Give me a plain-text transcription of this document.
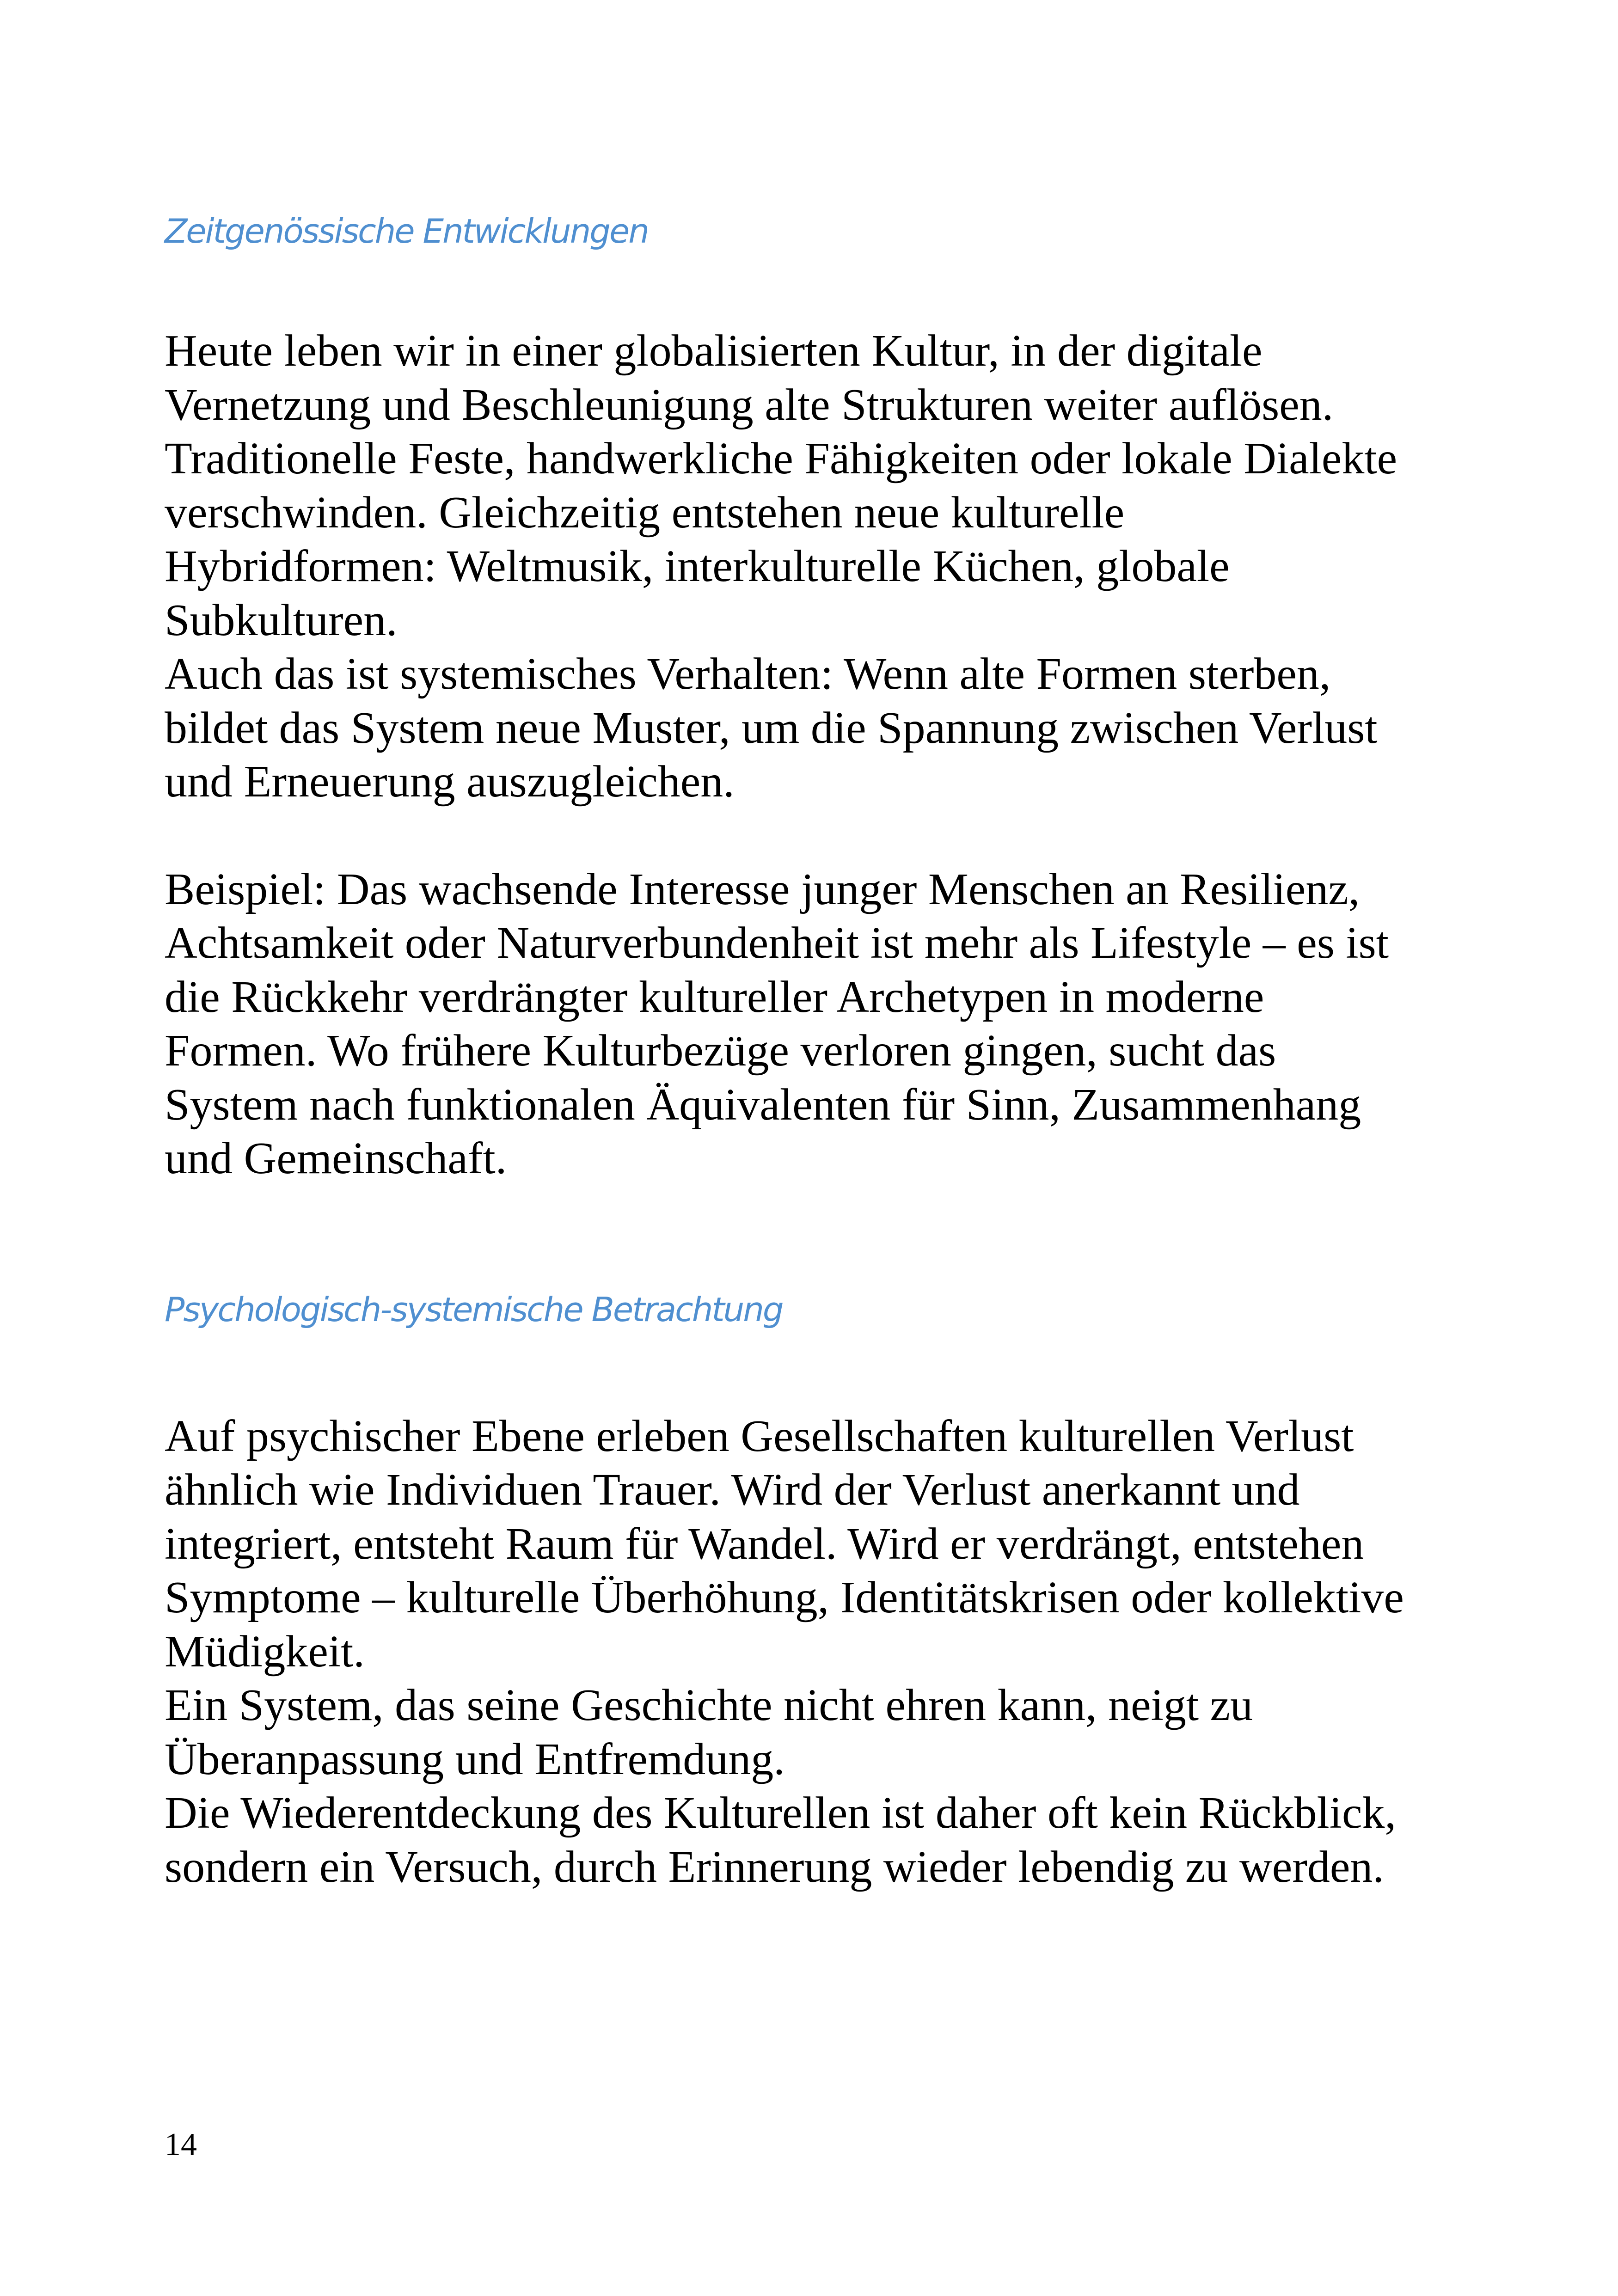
Zeitgenössische Entwicklungen

Heute leben wir in einer globalisierten Kultur, in der digitale
Vernetzung und Beschleunigung alte Strukturen weiter auflösen.
Traditionelle Feste, handwerkliche Fähigkeiten oder lokale Dialekte
verschwinden. Gleichzeitig entstehen neue kulturelle
Hybridformen: Weltmusik, interkulturelle Küchen, globale
Subkulturen.
Auch das ist systemisches Verhalten: Wenn alte Formen sterben,
bildet das System neue Muster, um die Spannung zwischen Verlust
und Erneuerung auszugleichen.

Beispiel: Das wachsende Interesse junger Menschen an Resilienz,
Achtsamkeit oder Naturverbundenheit ist mehr als Lifestyle – es ist
die Rückkehr verdrängter kultureller Archetypen in moderne
Formen. Wo frühere Kulturbezüge verloren gingen, sucht das
System nach funktionalen Äquivalenten für Sinn, Zusammenhang
und Gemeinschaft.

Psychologisch-systemische Betrachtung

Auf psychischer Ebene erleben Gesellschaften kulturellen Verlust
ähnlich wie Individuen Trauer. Wird der Verlust anerkannt und
integriert, entsteht Raum für Wandel. Wird er verdrängt, entstehen
Symptome – kulturelle Überhöhung, Identitätskrisen oder kollektive
Müdigkeit.
Ein System, das seine Geschichte nicht ehren kann, neigt zu
Überanpassung und Entfremdung.
Die Wiederentdeckung des Kulturellen ist daher oft kein Rückblick,
sondern ein Versuch, durch Erinnerung wieder lebendig zu werden.

14
